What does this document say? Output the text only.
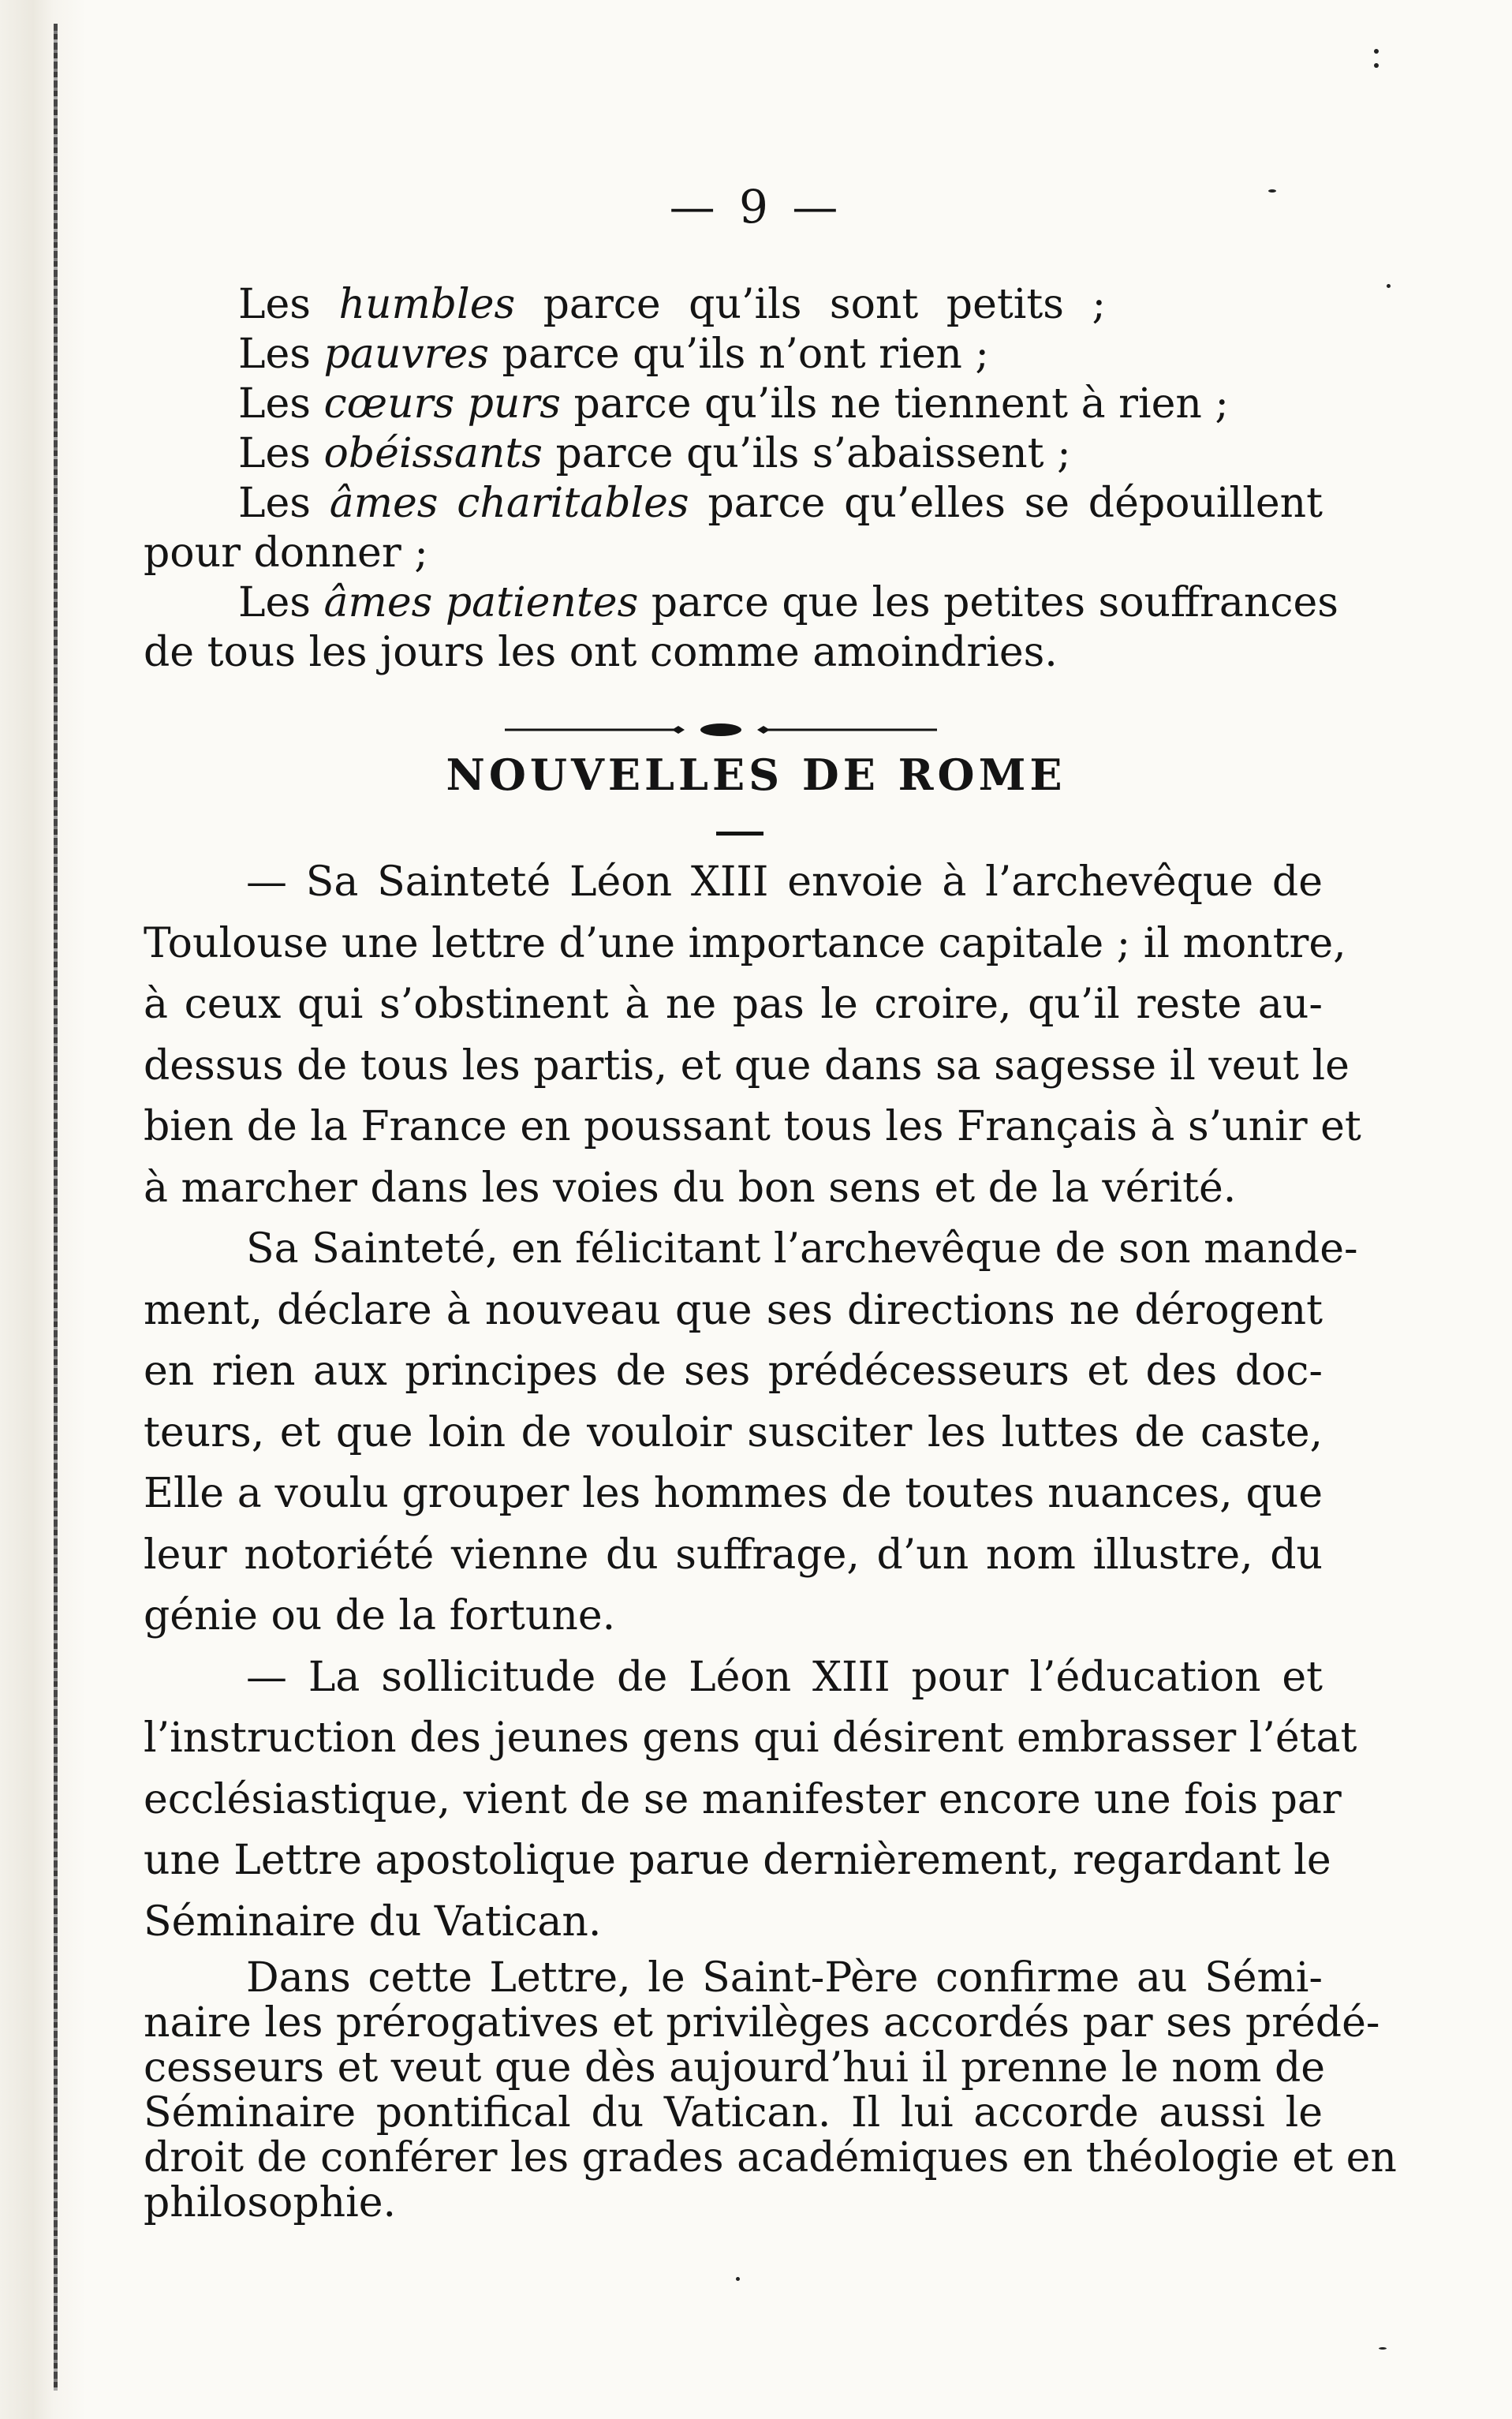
— 9 —
Les humbles parce qu’ils sont petits ;
Les pauvres parce qu’ils n’ont rien ;
Les cœurs purs parce qu’ils ne tiennent à rien ;
Les obéissants parce qu’ils s’abaissent ;
Les âmes charitables parce qu’elles se dépouillent
pour donner ;
Les âmes patientes parce que les petites souffrances
de tous les jours les ont comme amoindries.
NOUVELLES DE ROME
— Sa Sainteté Léon XIII envoie à l’archevêque de
Toulouse une lettre d’une importance capitale ; il montre,
à ceux qui s’obstinent à ne pas le croire, qu’il reste au-
dessus de tous les partis, et que dans sa sagesse il veut le
bien de la France en poussant tous les Français à s’unir et
à marcher dans les voies du bon sens et de la vérité.
Sa Sainteté, en félicitant l’archevêque de son mande-
ment, déclare à nouveau que ses directions ne dérogent
en rien aux principes de ses prédécesseurs et des doc-
teurs, et que loin de vouloir susciter les luttes de caste,
Elle a voulu grouper les hommes de toutes nuances, que
leur notoriété vienne du suffrage, d’un nom illustre, du
génie ou de la fortune.
— La sollicitude de Léon XIII pour l’éducation et
l’instruction des jeunes gens qui désirent embrasser l’état
ecclésiastique, vient de se manifester encore une fois par
une Lettre apostolique parue dernièrement, regardant le
Séminaire du Vatican.
Dans cette Lettre, le Saint-Père confirme au Sémi-
naire les prérogatives et privilèges accordés par ses prédé-
cesseurs et veut que dès aujourd’hui il prenne le nom de
Séminaire pontifical du Vatican. Il lui accorde aussi le
droit de conférer les grades académiques en théologie et en
philosophie.
